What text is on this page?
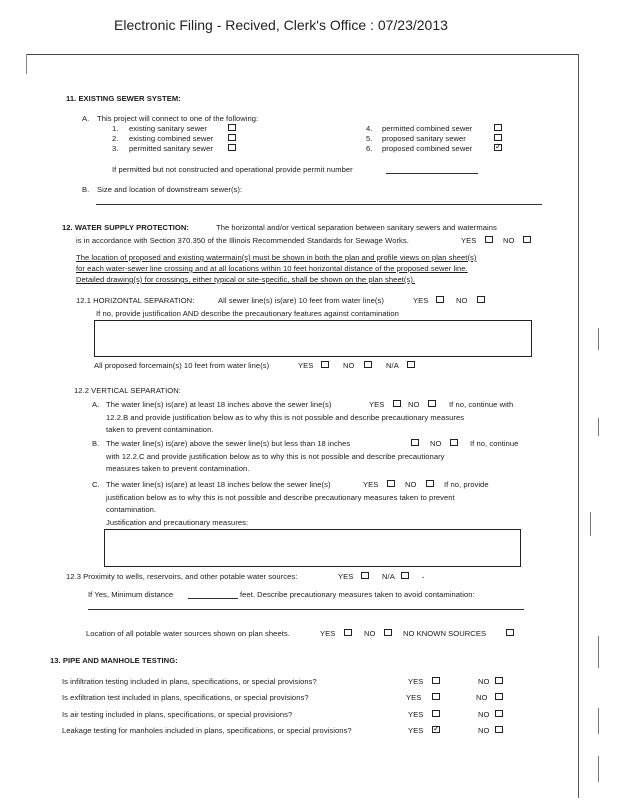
Electronic Filing - Recived, Clerk's Office : 07/23/2013
11. EXISTING SEWER SYSTEM:
A. This project will connect to one of the following:
1. existing sanitary sewer
2. existing combined sewer
3. permitted sanitary sewer
4. permitted combined sewer
5. proposed sanitary sewer
6. proposed combined sewer
✓
If permitted but not constructed and operational provide permit number
B. Size and location of downstream sewer(s):
12. WATER SUPPLY PROTECTION:	The horizontal and/or vertical separation between sanitary sewers and watermains
is in accordance with Section 370.350 of the Illinois Recommended Standards for Sewage Works.	YES	NO
The location of proposed and existing watermain(s) must be shown in both the plan and profile views on plan sheet(s)
for each water-sewer line crossing and at all locations within 10 feet horizontal distance of the proposed sewer line.
Detailed drawing(s) for crossings, either typical or site-specific, shall be shown on the plan sheet(s).
12.1 HORIZONTAL SEPARATION:	All sewer line(s) is(are) 10 feet from water line(s)	YES	NO
If no, provide justification AND describe the precautionary features against contamination
All proposed forcemain(s) 10 feet from water line(s)	YES	NO	N/A
12.2 VERTICAL SEPARATION:
A. The water line(s) is(are) at least 18 inches above the sewer line(s)	YES	NO	If no, continue with
12.2.B and provide justification below as to why this is not possible and describe precautionary measures
taken to prevent contamination.
B. The water line(s) is(are) above the sewer line(s) but less than 18 inches	NO	If no, continue
with 12.2.C and provide justification below as to why this is not possible and describe precautionary
measures taken to prevent contamination.
C. The water line(s) is(are) at least 18 inches below the sewer line(s)	YES	NO	If no, provide
justification below as to why this is not possible and describe precautionary measures taken to prevent
contamination.
Justification and precautionary measures:
12.3 Proximity to wells, reservoirs, and other potable water sources:	YES	N/A	.
If Yes, Minimum distance	feet. Describe precautionary measures taken to avoid contamination:
Location of all potable water sources shown on plan sheets.	YES	NO	NO KNOWN SOURCES
13. PIPE AND MANHOLE TESTING:
Is infiltration testing included in plans, specifications, or special provisions?	YES	NO
Is exfiltration test included in plans, specifications, or special provisions?	YES	NO
Is air testing included in plans, specifications, or special provisions?	YES	NO
Leakage testing for manholes included in plans, specifications, or special provisions?	YES
✓	NO
